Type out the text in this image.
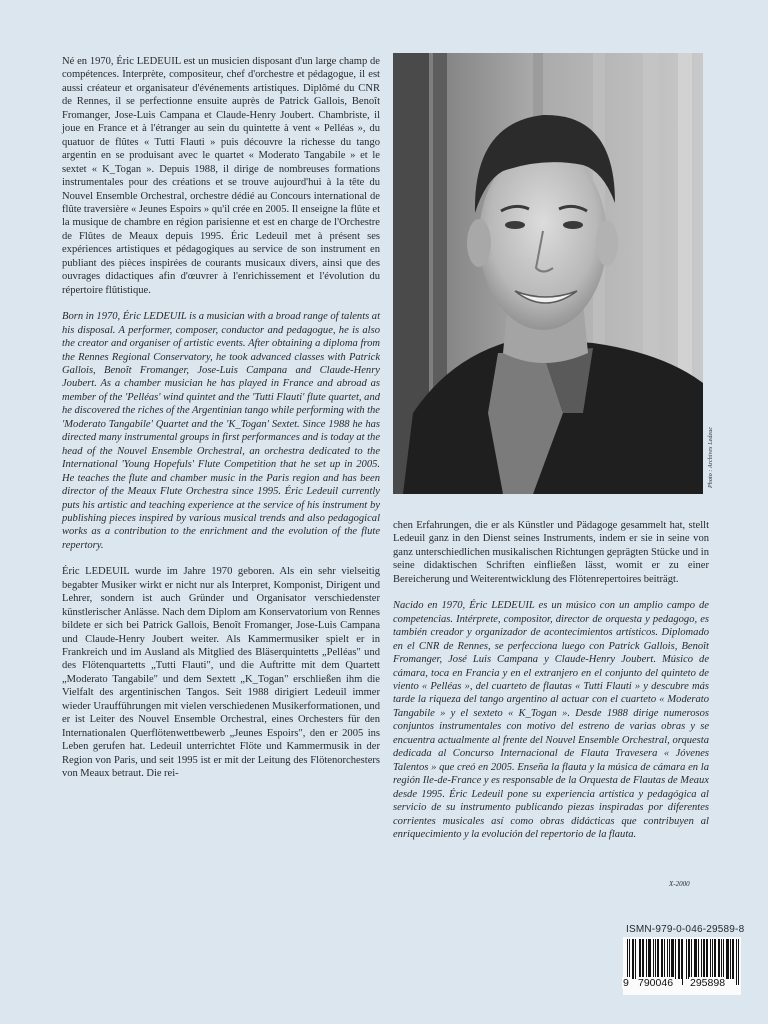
Né en 1970, Éric LEDEUIL est un musicien disposant d'un large champ de compétences. Interprète, compositeur, chef d'orchestre et pédagogue, il est aussi créateur et organisateur d'événements artistiques. Diplômé du CNR de Rennes, il se perfectionne ensuite auprès de Patrick Gallois, Benoît Fromanger, Jose-Luis Campana et Claude-Henry Joubert. Chambriste, il joue en France et à l'étranger au sein du quintette à vent « Pelléas », du quatuor de flûtes « Tutti Flauti » puis découvre la richesse du tango argentin en se produisant avec le quartet « Moderato Tangabile » et le sextet « K_Togan ». Depuis 1988, il dirige de nombreuses formations instrumentales pour des créations et se trouve aujourd'hui à la tête du Nouvel Ensemble Orchestral, orchestre dédié au Concours international de flûte traversière « Jeunes Espoirs » qu'il crée en 2005. Il enseigne la flûte et la musique de chambre en région parisienne et est en charge de l'Orchestre de Flûtes de Meaux depuis 1995. Éric Ledeuil met à présent ses expériences artistiques et pédagogiques au service de son instrument en publiant des pièces inspirées de courants musicaux divers, ainsi que des ouvrages didactiques afin d'œuvrer à l'enrichissement et l'évolution du répertoire flûtistique.

Born in 1970, Éric LEDEUIL is a musician with a broad range of talents at his disposal. A performer, composer, conductor and pedagogue, he is also the creator and organiser of artistic events. After obtaining a diploma from the Rennes Regional Conservatory, he took advanced classes with Patrick Gallois, Benoît Fromanger, Jose-Luis Campana and Claude-Henry Joubert. As a chamber musician he has played in France and abroad as member of the 'Pelléas' wind quintet and the 'Tutti Flauti' flute quartet, and he discovered the riches of the Argentinian tango while performing with the 'Moderato Tangabile' Quartet and the 'K_Togan' Sextet. Since 1988 he has directed many instrumental groups in first performances and is today at the head of the Nouvel Ensemble Orchestral, an orchestra dedicated to the International 'Young Hopefuls' Flute Competition that he set up in 2005. He teaches the flute and chamber music in the Paris region and has been director of the Meaux Flute Orchestra since 1995. Éric Ledeuil currently puts his artistic and teaching experience at the service of his instrument by publishing pieces inspired by various musical trends and also pedagogical works as a contribution to the enrichment and the evolution of the flute repertory.

Éric LEDEUIL wurde im Jahre 1970 geboren. Als ein sehr vielseitig begabter Musiker wirkt er nicht nur als Interpret, Komponist, Dirigent und Lehrer, sondern ist auch Gründer und Organisator verschiedenster künstlerischer Anlässe. Nach dem Diplom am Konservatorium von Rennes bildete er sich bei Patrick Gallois, Benoît Fromanger, Jose-Luis Campana und Claude-Henry Joubert weiter. Als Kammermusiker spielt er in Frankreich und im Ausland als Mitglied des Bläserquintetts „Pelléas" und des Flötenquartetts „Tutti Flauti", und die Auftritte mit dem Quartett „Moderato Tangabile" und dem Sextett „K_Togan" erschließen ihm die Vielfalt des argentinischen Tangos. Seit 1988 dirigiert Ledeuil immer wieder Uraufführungen mit vielen verschiedenen Musikerformationen, und er ist Leiter des Nouvel Ensemble Orchestral, eines Orchesters für den Internationalen Querflötenwettbewerb „Jeunes Espoirs", den er 2005 ins Leben gerufen hat. Ledeuil unterrichtet Flöte und Kammermusik in der Region von Paris, und seit 1995 ist er mit der Leitung des Flötenorchesters von Meaux betraut. Die rei-

Photo : Archives Ledeuc

chen Erfahrungen, die er als Künstler und Pädagoge gesammelt hat, stellt Ledeuil ganz in den Dienst seines Instruments, indem er sie in seine von ganz unterschiedlichen musikalischen Richtungen geprägten Stücke und in seine didaktischen Schriften einfließen lässt, womit er zu einer Bereicherung und Weiterentwicklung des Flötenrepertoires beiträgt.

Nacido en 1970, Éric LEDEUIL es un músico con un amplio campo de competencias. Intérprete, compositor, director de orquesta y pedagogo, es también creador y organizador de acontecimientos artísticos. Diplomado en el CNR de Rennes, se perfecciona luego con Patrick Gallois, Benoît Fromanger, José Luis Campana y Claude-Henry Joubert. Músico de cámara, toca en Francia y en el extranjero en el conjunto del quinteto de viento « Pelléas », del cuarteto de flautas « Tutti Flauti » y descubre más tarde la riqueza del tango argentino al actuar con el cuarteto « Moderato Tangabile » y el sexteto « K_Togan ». Desde 1988 dirige numerosos conjuntos instrumentales con motivo del estreno de varias obras y se encuentra actualmente al frente del Nouvel Ensemble Orchestral, orquesta dedicada al Concurso Internacional de Flauta Travesera « Jóvenes Talentos » que creó en 2005. Enseña la flauta y la música de cámara en la región Ile-de-France y es responsable de la Orquesta de Flautas de Meaux desde 1995. Éric Ledeuil pone su experiencia artística y pedagógica al servicio de su instrumento publicando piezas inspiradas por diferentes corrientes musicales así como obras didácticas que contribuyen al enriquecimiento y la evolución del repertorio de la flauta.

X-2000
ISMN-979-0-046-29589-8
9 790046 295898
